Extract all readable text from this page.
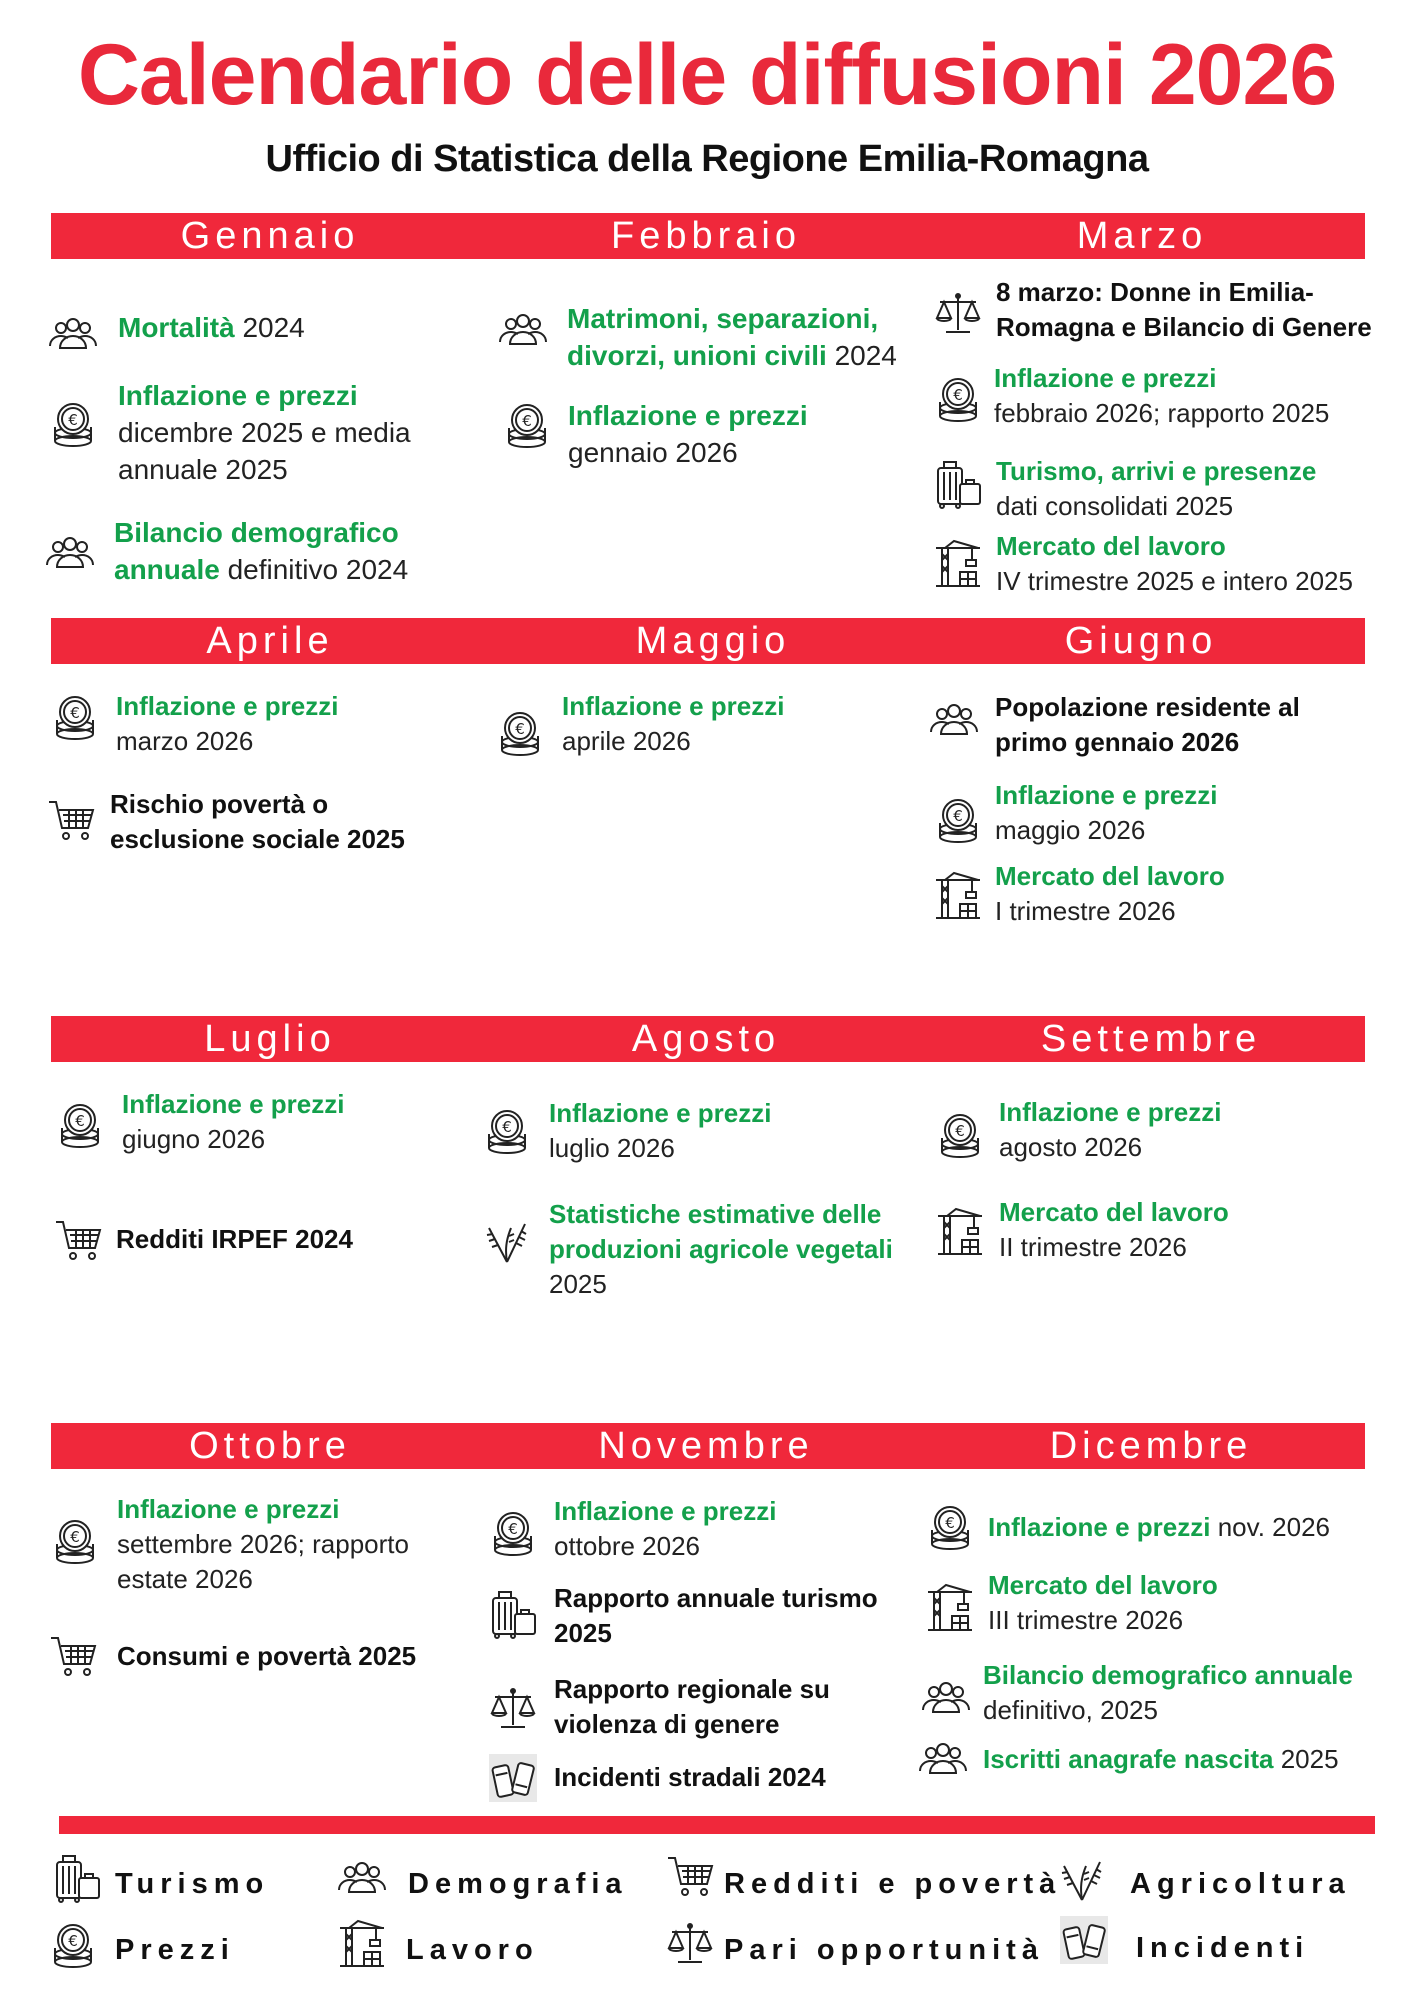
Calendario delle diffusioni 2026
Ufficio di Statistica della Regione Emilia-Romagna
Gennaio	Febbraio	Marzo
Aprile	Maggio	Giugno
Luglio	Agosto	Settembre
Ottobre	Novembre	Dicembre
Mortalità 2024
€
Inflazione e prezzi
dicembre 2025 e media annuale 2025
Bilancio demografico annuale definitivo 2024
Matrimoni, separazioni, divorzi, unioni civili 2024
€ Inflazione e prezzi
gennaio 2026
8 marzo: Donne in Emilia-Romagna e Bilancio di Genere
€
Inflazione e prezzi
febbraio 2026; rapporto 2025
Turismo, arrivi e presenze
dati consolidati 2025
Mercato del lavoro
IV trimestre 2025 e intero 2025
€ Inflazione e prezzi
marzo 2026
Rischio povertà o esclusione sociale 2025
€
Inflazione e prezzi
aprile 2026
Popolazione residente al primo gennaio 2026
€
Inflazione e prezzi
maggio 2026
Mercato del lavoro
I trimestre 2026
€
Inflazione e prezzi
giugno 2026
Redditi IRPEF 2024
€ Inflazione e prezzi
luglio 2026
Statistiche estimative delle produzioni agricole vegetali 2025
€
Inflazione e prezzi
agosto 2026
Mercato del lavoro
II trimestre 2026
€
Inflazione e prezzi
settembre 2026; rapporto estate 2026
Consumi e povertà 2025
€
Inflazione e prezzi
ottobre 2026
Rapporto annuale turismo 2025
Rapporto regionale su violenza di genere
Incidenti stradali 2024
€ Inflazione e prezzi nov. 2026
Mercato del lavoro
III trimestre 2026
Bilancio demografico annuale definitivo, 2025
Iscritti anagrafe nascita 2025
Turismo	Demografia	Redditi e povertà Agricoltura
€ Prezzi	Lavoro	Pari opportunità	Incidenti
